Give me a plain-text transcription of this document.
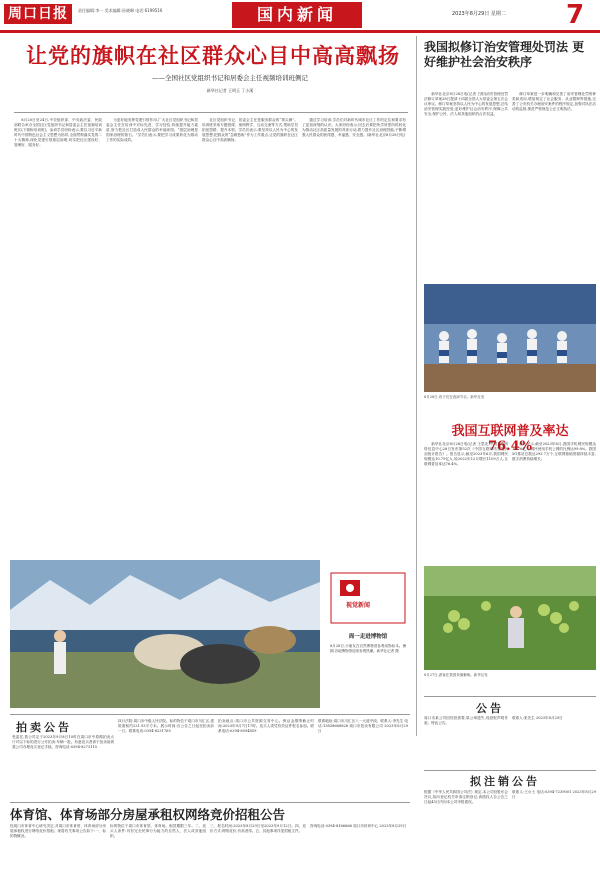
周口日报	责任编辑:李一 美术编辑:孙晓琳 电话:6199516	国内新闻	2023年8月29日 星期二 7
让党的旗帜在社区群众心目中高高飘扬
——全国社区党组织书记和居委会主任视频培训班侧记
新华社记者 王明玉 丁小溪

8月20日至24日,中央组织部、中央政法委、民政部联合举办全国社区党组织书记和居委会主任视频培训班(以下简称培训班)。参训学员纷纷表示,要以习近平新时代中国特色社会主义思想为指导,全面贯彻落实党的二十大精神,深化党建引领基层治理,切实把社区建设好、管理好、服务好。

为更好地发挥党建引领作用,广大社区党组织书记和居委会主任在培训中对标先进、学习经验,持续提升能力素质,努力把社区打造成人民群众的幸福家园。“基层治理是国家治理的基石。”学员们表示,要把学习成果转化为推动工作的实际成效。

社区党组织书记、居委会主任是服务群众的“领头雁”。培训班采取专题授课、案例教学、互动交流等方式,帮助学员拓宽思路、提升本领。学员们表示,要坚持以人民为中心的发展思想,把群众的“急难愁盼”作为工作重点,让党的旗帜在社区群众心目中高高飘扬。

通过学习培训,学员们对新时代城市社区工作的定位和要求有了更加深刻的认识。大家纷纷表示,回去后要把所学所思所悟转化为推动社区高质量发展的具体行动,着力提升社区治理效能,不断增强人民群众的获得感、幸福感、安全感。(新华社北京8月28日电)

我国拟修订治安管理处罚法 更好维护社会治安秩序

新华社北京8月28日电(记者 白阳)治安管理处罚法修订草案28日提请十四届全国人大常委会第五次会议审议。修订草案坚持以人民为中心的发展思想,总结治安管理实践经验,更好维护社会治安秩序,保障公共安全,保护公民、法人和其他组织的合法权益。

修订草案进一步明确和完善了治安管理处罚的种类和适用,增加规定了社会服务、从业限制等措施,完善了公安机关办理治安案件的程序规定,加强对执法活动的监督,推进严格规范公正文明执法。

8月28日,孩子们在表演节目。新华社发
我国互联网普及率达76.4%

新华社北京8月28日电(记者 王思北)中国互联网络信息中心28日发布第52次《中国互联网络发展状况统计报告》。报告显示,截至2023年6月,我国网民规模达10.79亿人,较2022年12月增长1109万人,互联网普及率达76.4%。

报告显示,截至2023年6月,我国手机网民规模达10.76亿人,网民使用手机上网的比例达99.8%。我国5G基站总数达293.7万个,互联网基础资源持续丰富,数字消费持续增长。

8月27日,游客在果园采摘葡萄。新华社发
视觉新闻
周一走进博物馆
8月28日,小朋友在自然博物馆参观动物标本。暑期,各地博物馆迎来参观热潮。新华社记者 摄
拍卖公告
受委托,我公司定于2023年9月8日10时在周口市中原路拍卖大厅对以下标的进行公开拍卖:车辆一批。有意竞买者请于拍卖前到我公司办理竞买登记手续。咨询电话:0394-8273115
执行法院:周口市中级人民法院。标的物位于周口市川汇区,建筑面积约221.93平方米。展示时间:自公告之日起至拍卖前一日。联系电话:0394-8231765
拍卖地点:周口市公共资源交易中心。保证金缴纳截止时间:2023年9月7日17时。竞买人须凭有效证件报名参加。联系电话:0394-8594859
联系地址:周口市川汇区八一大道中段。联系人:李先生 电话:13838668828 周口市拍卖有限公司 2023年8月29日
体育馆、体育场部分房屋承租权网络竞价招租公告
经周口市体育中心研究决定,对周口市体育馆、体育场部分房屋承租权进行网络竞价招租。现将有关事项公告如下:一、标的物概况。
标的物位于周口市体育馆、体育场。租赁期限三年。二、竞买人条件:具有完全民事行为能力的自然人、法人或其他组织。
三、报名时间:2023年8月29日至2023年9月12日。四、竞价方式:网络竞价,价高者得。五、其他事项详见招租文件。
咨询电话:0394-8166666 周口市体育中心 2023年8月29日
公告
周口市某公司因经营需要,原公章遗失,现登报声明作废。特此公告。
联系人:张先生 2023年8月29日
拟注销公告
根据《中华人民共和国公司法》规定,本公司经股东会决议,拟向登记机关申请注销登记,请债权人自公告之日起45日内向本公司申报债权。
联系人:王女士 电话:0394-7239001 2023年8月29日
